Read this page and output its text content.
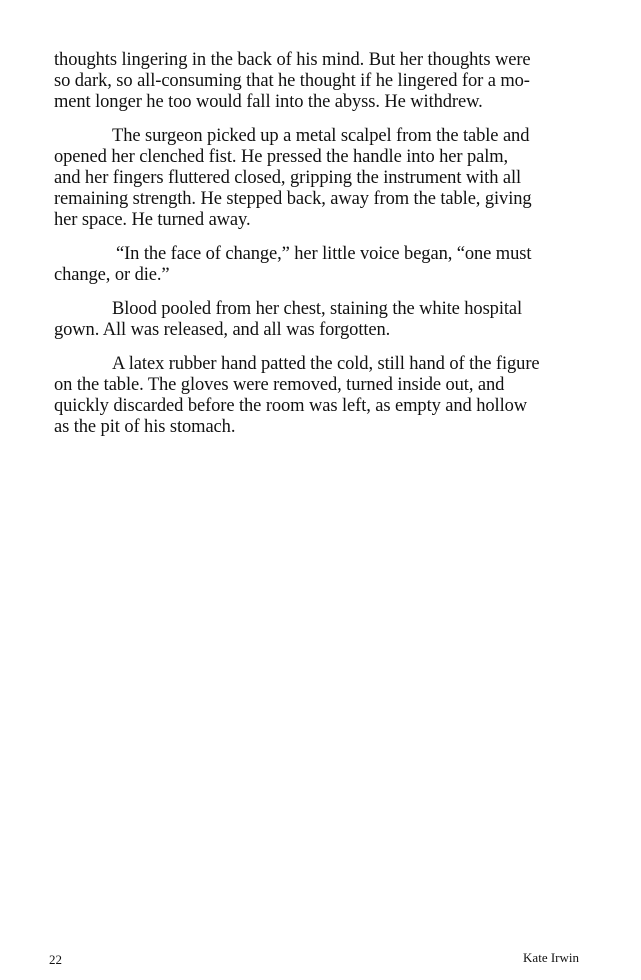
thoughts lingering in the back of his mind. But her thoughts were
so dark, so all-consuming that he thought if he lingered for a mo-
ment longer he too would fall into the abyss. He withdrew.

The surgeon picked up a metal scalpel from the table and
opened her clenched fist. He pressed the handle into her palm,
and her fingers fluttered closed, gripping the instrument with all
remaining strength. He stepped back, away from the table, giving
her space. He turned away.

“In the face of change,” her little voice began, “one must
change, or die.”

Blood pooled from her chest, staining the white hospital
gown. All was released, and all was forgotten.

A latex rubber hand patted the cold, still hand of the figure
on the table. The gloves were removed, turned inside out, and
quickly discarded before the room was left, as empty and hollow
as the pit of his stomach.

22	Kate Irwin
